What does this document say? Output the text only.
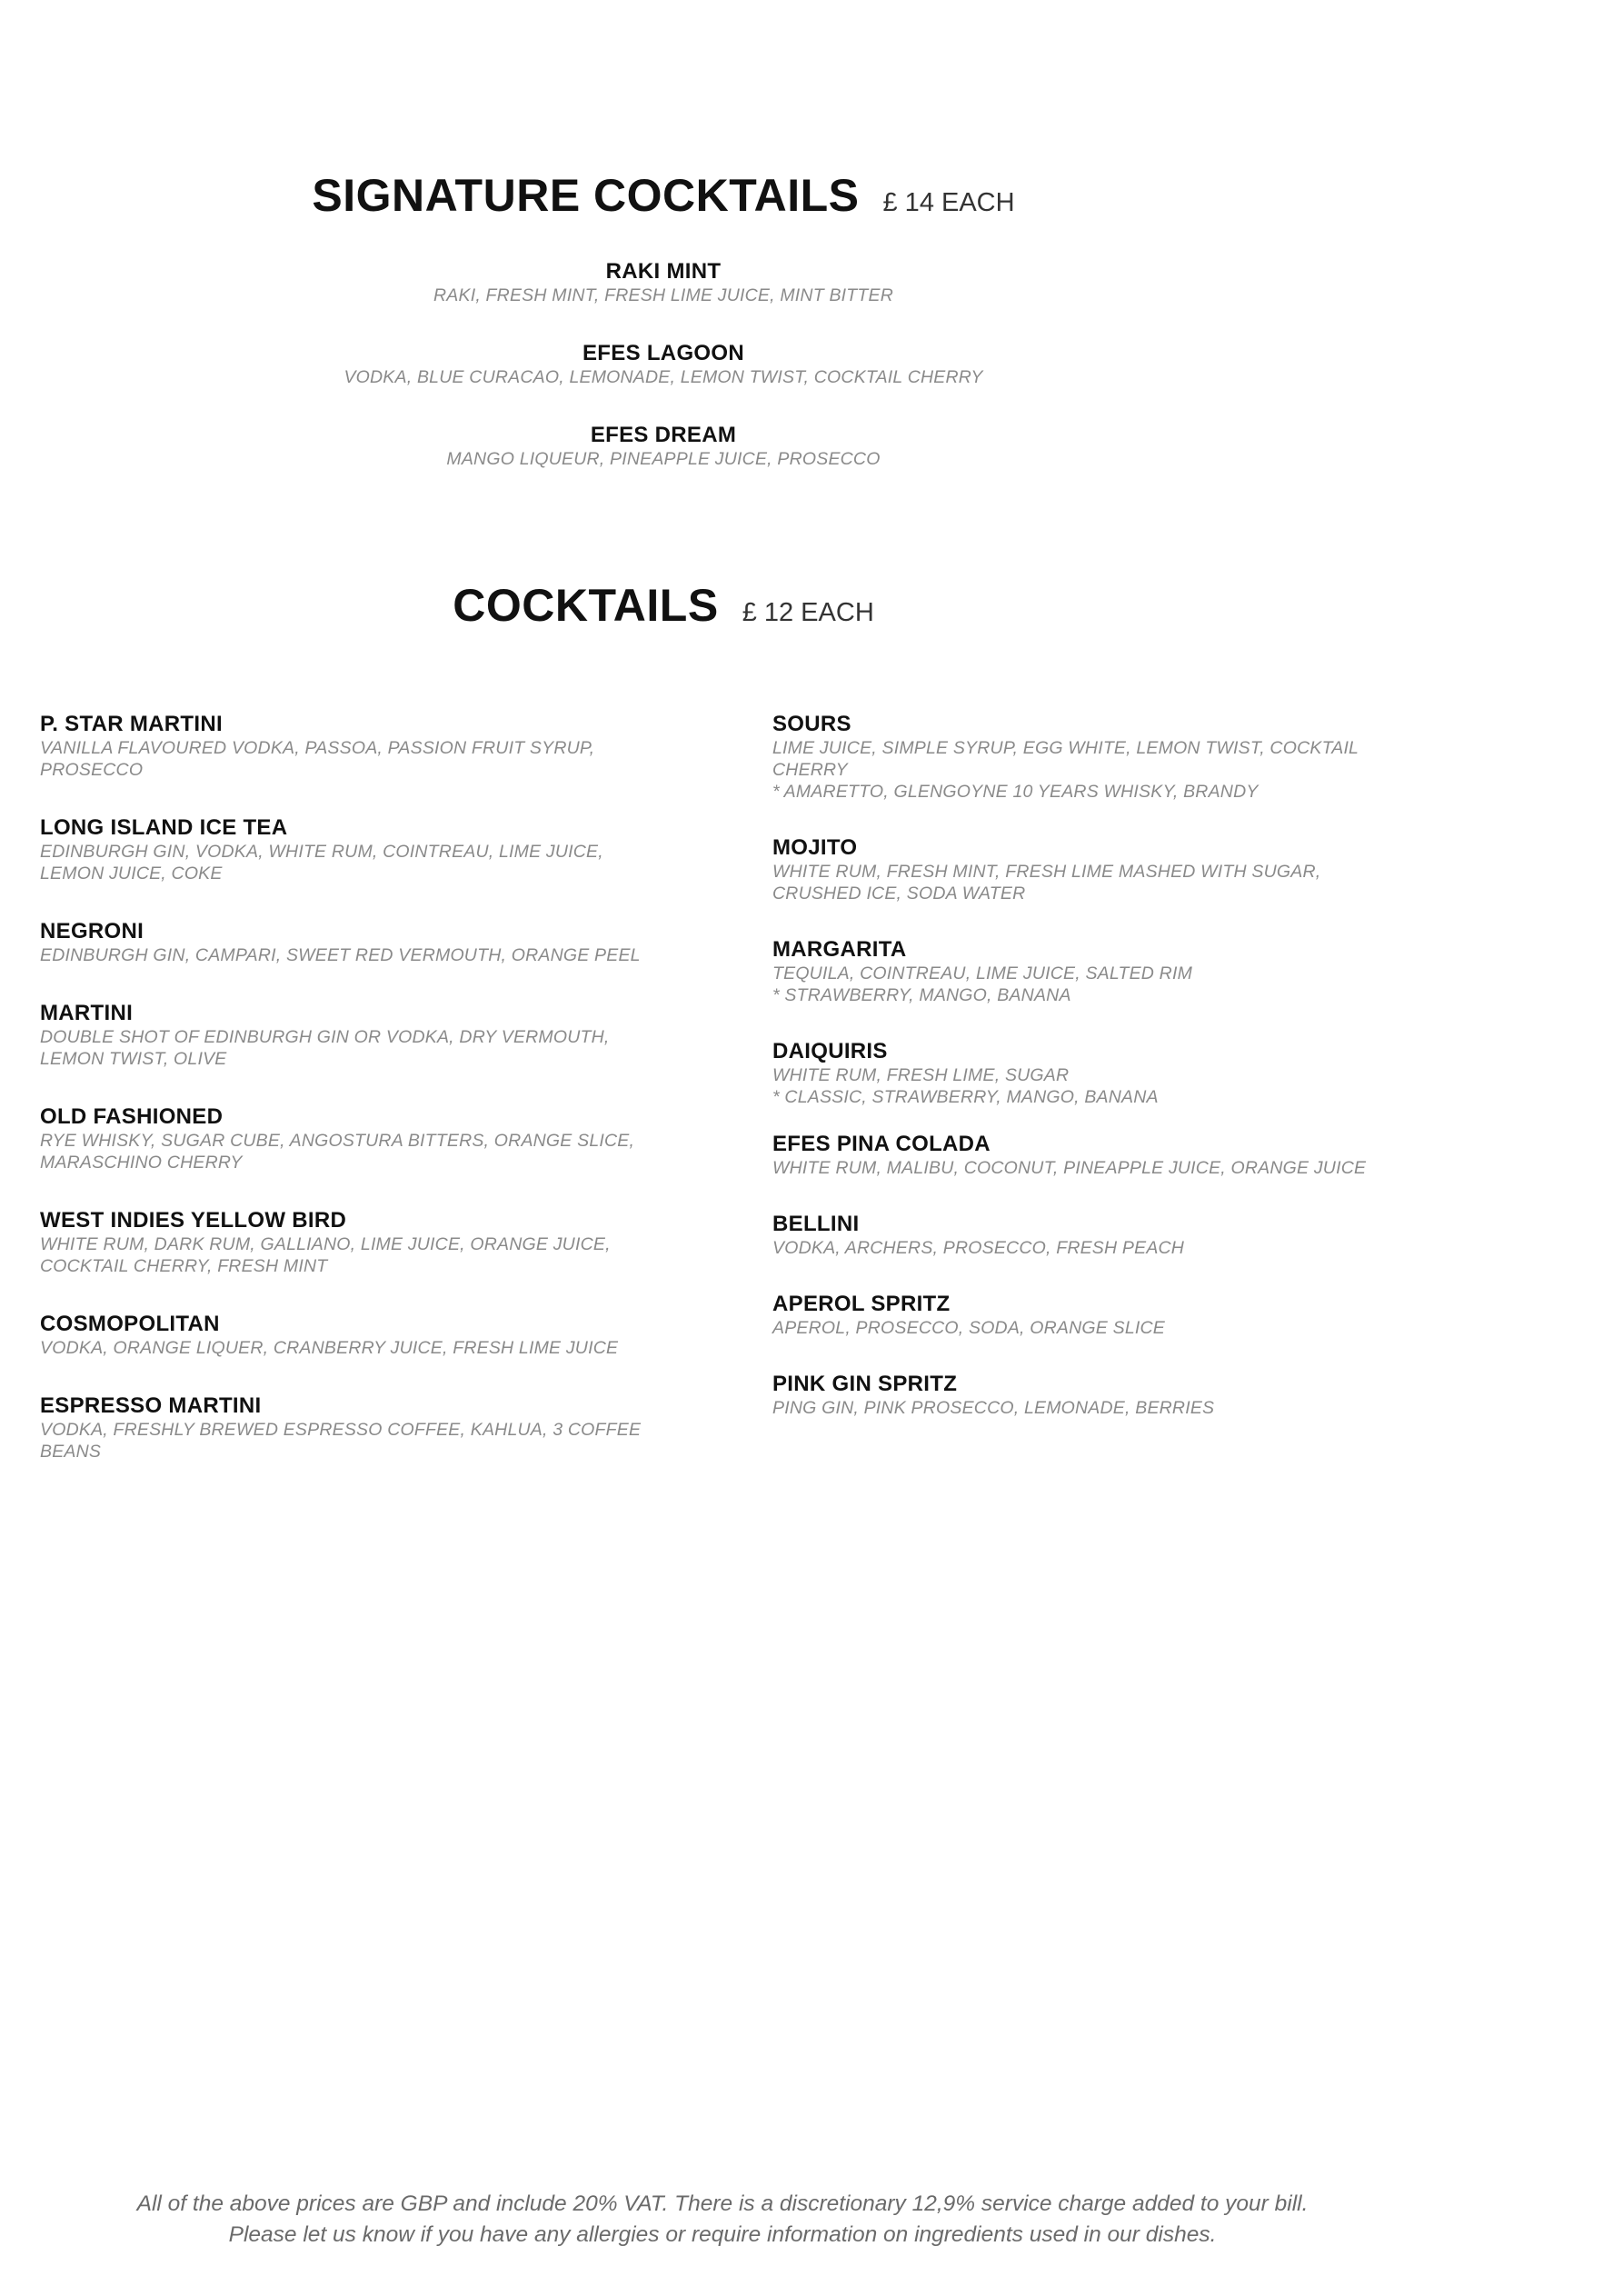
SIGNATURE COCKTAILS £ 14 EACH
RAKI MINT
RAKI, FRESH MINT, FRESH LIME JUICE, MINT BITTER
EFES LAGOON
VODKA, BLUE CURACAO, LEMONADE, LEMON TWIST, COCKTAIL CHERRY
EFES DREAM
MANGO LIQUEUR, PINEAPPLE JUICE, PROSECCO
COCKTAILS £ 12 EACH
P. STAR MARTINI
VANILLA FLAVOURED VODKA, PASSOA, PASSION FRUIT SYRUP,
PROSECCO
LONG ISLAND ICE TEA
EDINBURGH GIN, VODKA, WHITE RUM, COINTREAU, LIME JUICE,
LEMON JUICE, COKE
NEGRONI
EDINBURGH GIN, CAMPARI, SWEET RED VERMOUTH, ORANGE PEEL
MARTINI
DOUBLE SHOT OF EDINBURGH GIN OR VODKA, DRY VERMOUTH,
LEMON TWIST, OLIVE
OLD FASHIONED
RYE WHISKY, SUGAR CUBE, ANGOSTURA BITTERS, ORANGE SLICE,
MARASCHINO CHERRY
WEST INDIES YELLOW BIRD
WHITE RUM, DARK RUM, GALLIANO, LIME JUICE, ORANGE JUICE,
COCKTAIL CHERRY, FRESH MINT
COSMOPOLITAN
VODKA, ORANGE LIQUER, CRANBERRY JUICE, FRESH LIME JUICE
ESPRESSO MARTINI
VODKA, FRESHLY BREWED ESPRESSO COFFEE, KAHLUA, 3 COFFEE
BEANS
SOURS
LIME JUICE, SIMPLE SYRUP, EGG WHITE, LEMON TWIST, COCKTAIL
CHERRY
* AMARETTO, GLENGOYNE 10 YEARS WHISKY, BRANDY
MOJITO
WHITE RUM, FRESH MINT, FRESH LIME MASHED WITH SUGAR,
CRUSHED ICE, SODA WATER
MARGARITA
TEQUILA, COINTREAU, LIME JUICE, SALTED RIM
* STRAWBERRY, MANGO, BANANA
DAIQUIRIS
WHITE RUM, FRESH LIME, SUGAR
* CLASSIC, STRAWBERRY, MANGO, BANANA
EFES PINA COLADA
WHITE RUM, MALIBU, COCONUT, PINEAPPLE JUICE, ORANGE JUICE
BELLINI
VODKA, ARCHERS, PROSECCO, FRESH PEACH
APEROL SPRITZ
APEROL, PROSECCO, SODA, ORANGE SLICE
PINK GIN SPRITZ
PING GIN, PINK PROSECCO, LEMONADE, BERRIES
All of the above prices are GBP and include 20% VAT. There is a discretionary 12,9% service charge added to your bill.
Please let us know if you have any allergies or require information on ingredients used in our dishes.
